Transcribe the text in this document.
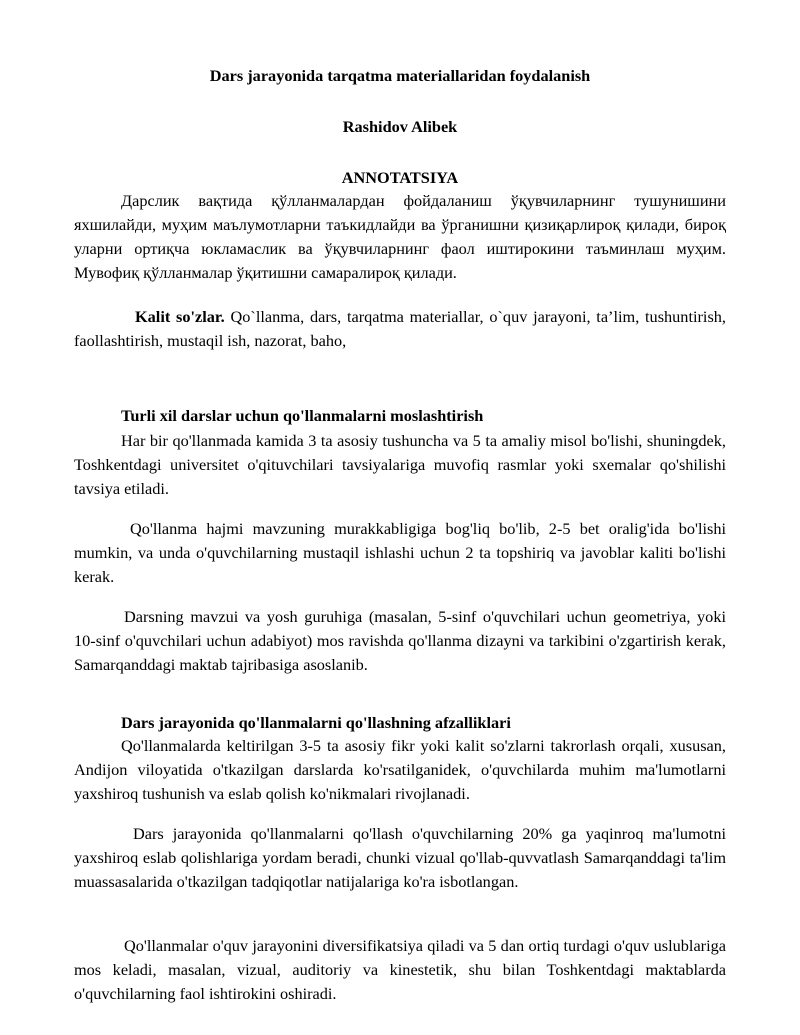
Dars jarayonida tarqatma materiallaridan foydalanish
Rashidov Alibek
ANNOTATSIYA

Дарслик вақтида қўлланмалардан фойдаланиш ўқувчиларнинг тушунишини яхшилайди, муҳим маълумотларни таъкидлайди ва ўрганишни қизиқарлироқ қилади, бироқ уларни ортиқча юкламаслик ва ўқувчиларнинг фаол иштирокини таъминлаш муҳим. Мувофиқ қўлланмалар ўқитишни самаралироқ қилади.

Kalit so'zlar. Qo`llanma, dars, tarqatma materiallar, o`quv jarayoni, ta’lim, tushuntirish, faollashtirish, mustaqil ish, nazorat, baho,

Turli xil darslar uchun qo'llanmalarni moslashtirish

Har bir qo'llanmada kamida 3 ta asosiy tushuncha va 5 ta amaliy misol bo'lishi, shuningdek, Toshkentdagi universitet o'qituvchilari tavsiyalariga muvofiq rasmlar yoki sxemalar qo'shilishi tavsiya etiladi.

Qo'llanma hajmi mavzuning murakkabligiga bog'liq bo'lib, 2-5 bet oralig'ida bo'lishi mumkin, va unda o'quvchilarning mustaqil ishlashi uchun 2 ta topshiriq va javoblar kaliti bo'lishi kerak.

Darsning mavzui va yosh guruhiga (masalan, 5-sinf o'quvchilari uchun geometriya, yoki 10-sinf o'quvchilari uchun adabiyot) mos ravishda qo'llanma dizayni va tarkibini o'zgartirish kerak, Samarqanddagi maktab tajribasiga asoslanib.

Dars jarayonida qo'llanmalarni qo'llashning afzalliklari

Qo'llanmalarda keltirilgan 3-5 ta asosiy fikr yoki kalit so'zlarni takrorlash orqali, xususan, Andijon viloyatida o'tkazilgan darslarda ko'rsatilganidek, o'quvchilarda muhim ma'lumotlarni yaxshiroq tushunish va eslab qolish ko'nikmalari rivojlanadi.

Dars jarayonida qo'llanmalarni qo'llash o'quvchilarning 20% ga yaqinroq ma'lumotni yaxshiroq eslab qolishlariga yordam beradi, chunki vizual qo'llab-quvvatlash Samarqanddagi ta'lim muassasalarida o'tkazilgan tadqiqotlar natijalariga ko'ra isbotlangan.

Qo'llanmalar o'quv jarayonini diversifikatsiya qiladi va 5 dan ortiq turdagi o'quv uslublariga mos keladi, masalan, vizual, auditoriy va kinestetik, shu bilan Toshkentdagi maktablarda o'quvchilarning faol ishtirokini oshiradi.
